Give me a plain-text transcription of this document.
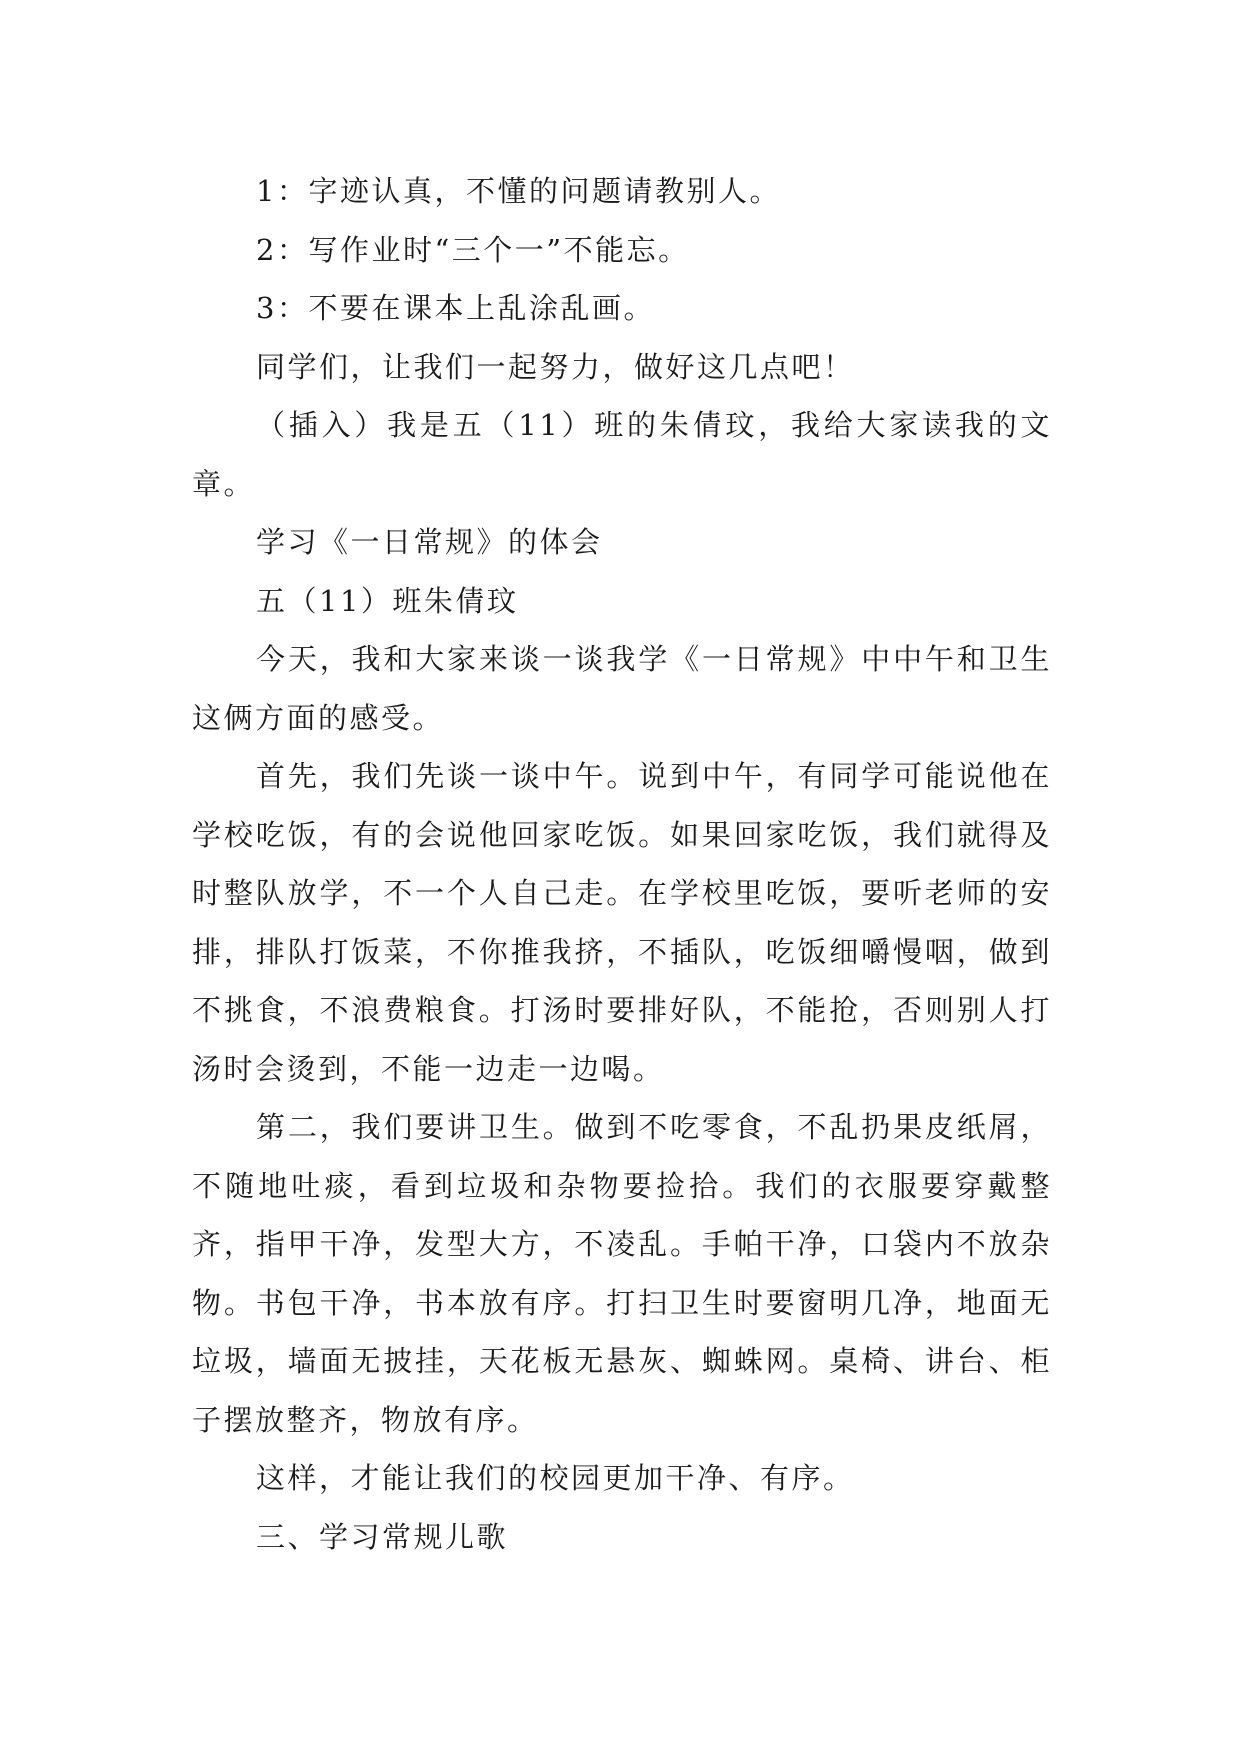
1：字迹认真，不懂的问题请教别人。

2：写作业时“三个一”不能忘。

3：不要在课本上乱涂乱画。

同学们，让我们一起努力，做好这几点吧！

（插入）我是五（11）班的朱倩玟，我给大家读我的文章。

学习《一日常规》的体会

五（11）班朱倩玟

今天，我和大家来谈一谈我学《一日常规》中中午和卫生这俩方面的感受。

首先，我们先谈一谈中午。说到中午，有同学可能说他在学校吃饭，有的会说他回家吃饭。如果回家吃饭，我们就得及时整队放学，不一个人自己走。在学校里吃饭，要听老师的安排，排队打饭菜，不你推我挤，不插队，吃饭细嚼慢咽，做到不挑食，不浪费粮食。打汤时要排好队，不能抢，否则别人打汤时会烫到，不能一边走一边喝。

第二，我们要讲卫生。做到不吃零食，不乱扔果皮纸屑，不随地吐痰，看到垃圾和杂物要捡拾。我们的衣服要穿戴整齐，指甲干净，发型大方，不凌乱。手帕干净，口袋内不放杂物。书包干净，书本放有序。打扫卫生时要窗明几净，地面无垃圾，墙面无披挂，天花板无悬灰、蜘蛛网。桌椅、讲台、柜子摆放整齐，物放有序。

这样，才能让我们的校园更加干净、有序。

三、学习常规儿歌
